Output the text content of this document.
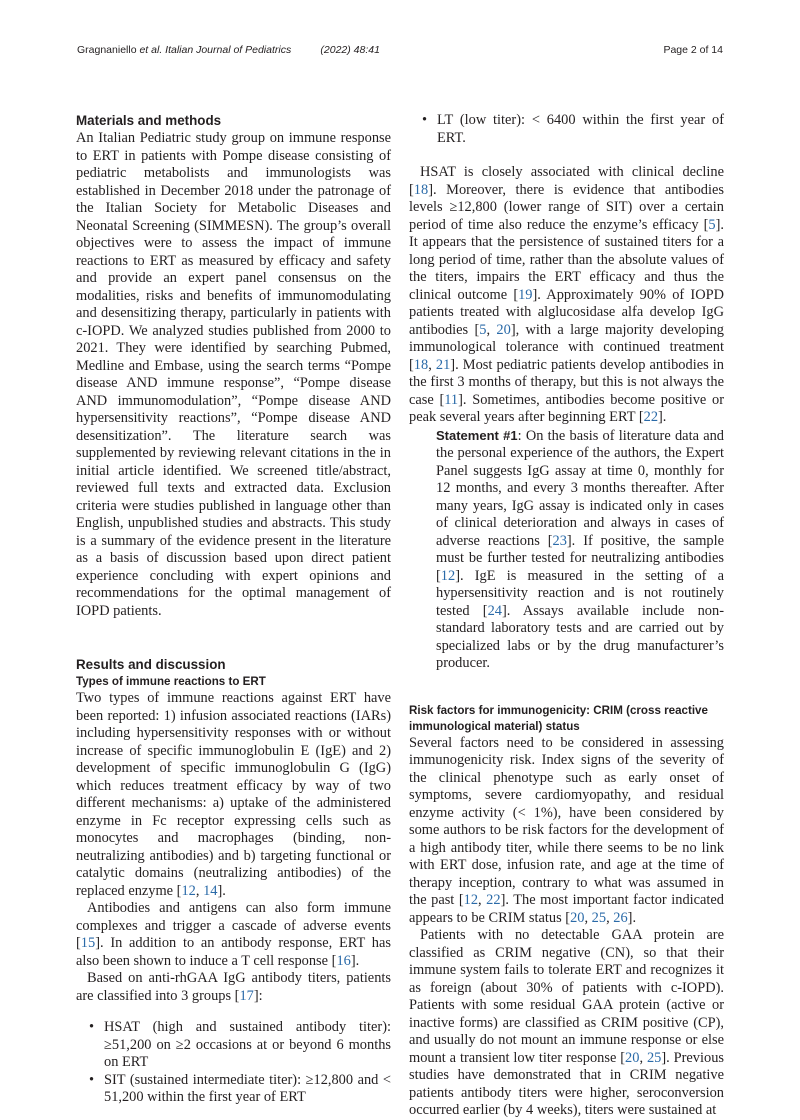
Gragnaniello et al. Italian Journal of Pediatrics	(2022) 48:41	Page 2 of 14
Materials and methods

An Italian Pediatric study group on immune response to ERT in patients with Pompe disease consisting of pediatric metabolists and immunologists was established in December 2018 under the patronage of the Italian Society for Metabolic Diseases and Neonatal Screening (SIMMESN). The group’s overall objectives were to assess the impact of immune reactions to ERT as measured by efficacy and safety and provide an expert panel consensus on the modalities, risks and benefits of immunomodulating and desensitizing therapy, particularly in patients with c-IOPD. We analyzed studies published from 2000 to 2021. They were identified by searching Pubmed, Medline and Embase, using the search terms “Pompe disease AND immune response”, “Pompe disease AND immunomodulation”, “Pompe disease AND hypersensitivity reactions”, “Pompe disease AND desensitization”. The literature search was supplemented by reviewing relevant citations in the in initial article identified. We screened title/abstract, reviewed full texts and extracted data. Exclusion criteria were studies published in language other than English, unpublished studies and abstracts. This study is a summary of the evidence present in the literature as a basis of discussion based upon direct patient experience concluding with expert opinions and recommendations for the optimal management of IOPD patients.

Results and discussion
Types of immune reactions to ERT

Two types of immune reactions against ERT have been reported: 1) infusion associated reactions (IARs) including hypersensitivity responses with or without increase of specific immunoglobulin E (IgE) and 2) development of specific immunoglobulin G (IgG) which reduces treatment efficacy by way of two different mechanisms: a) uptake of the administered enzyme in Fc receptor expressing cells such as monocytes and macrophages (binding, non-neutralizing antibodies) and b) targeting functional or catalytic domains (neutralizing antibodies) of the replaced enzyme [12, 14].

Antibodies and antigens can also form immune complexes and trigger a cascade of adverse events [15]. In addition to an antibody response, ERT has also been shown to induce a T cell response [16].

Based on anti-rhGAA IgG antibody titers, patients are classified into 3 groups [17]:

• HSAT (high and sustained antibody titer): ≥51,200 on ≥2 occasions at or beyond 6 months on ERT
• SIT (sustained intermediate titer): ≥12,800 and < 51,200 within the first year of ERT
• LT (low titer): < 6400 within the first year of ERT.

HSAT is closely associated with clinical decline [18]. Moreover, there is evidence that antibodies levels ≥12,800 (lower range of SIT) over a certain period of time also reduce the enzyme’s efficacy [5]. It appears that the persistence of sustained titers for a long period of time, rather than the absolute values of the titers, impairs the ERT efficacy and thus the clinical outcome [19]. Approximately 90% of IOPD patients treated with alglucosidase alfa develop IgG antibodies [5, 20], with a large majority developing immunological tolerance with continued treatment [18, 21]. Most pediatric patients develop antibodies in the first 3 months of therapy, but this is not always the case [11]. Sometimes, antibodies become positive or peak several years after beginning ERT [22].

Statement #1: On the basis of literature data and the personal experience of the authors, the Expert Panel suggests IgG assay at time 0, monthly for 12 months, and every 3 months thereafter. After many years, IgG assay is indicated only in cases of clinical deterioration and always in cases of adverse reactions [23]. If positive, the sample must be further tested for neutralizing antibodies [12]. IgE is measured in the setting of a hypersensitivity reaction and is not routinely tested [24]. Assays available include non-standard laboratory tests and are carried out by specialized labs or by the drug manufacturer’s producer.

Risk factors for immunogenicity: CRIM (cross reactive immunological material) status

Several factors need to be considered in assessing immunogenicity risk. Index signs of the severity of the clinical phenotype such as early onset of symptoms, severe cardiomyopathy, and residual enzyme activity (< 1%), have been considered by some authors to be risk factors for the development of a high antibody titer, while there seems to be no link with ERT dose, infusion rate, and age at the time of therapy inception, contrary to what was assumed in the past [12, 22]. The most important factor indicated appears to be CRIM status [20, 25, 26].

Patients with no detectable GAA protein are classified as CRIM negative (CN), so that their immune system fails to tolerate ERT and recognizes it as foreign (about 30% of patients with c-IOPD). Patients with some residual GAA protein (active or inactive forms) are classified as CRIM positive (CP), and usually do not mount an immune response or else mount a transient low titer response [20, 25]. Previous studies have demonstrated that in CRIM negative patients antibody titers were higher, seroconversion occurred earlier (by 4 weeks), titers were sustained at
